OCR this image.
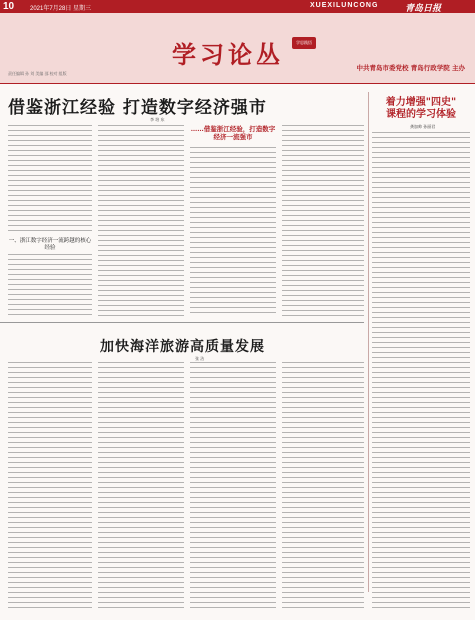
10	2021年7月28日 星期三	XUEXILUNCONG	青岛日报
学习论丛	学思践悟
中共青岛市委党校 青岛行政学院 主办
责任编辑 孙 刘 美编 邵 校对 组版
借鉴浙江经验 打造数字经济强市
李 培 东
一、浙江数字经济一流跨越的核心经验
……借鉴浙江经验，打造数字经济一流强市
着力增强"四史"
课程的学习体验
龚加帅 孙丽君
加快海洋旅游高质量发展
张 洁
